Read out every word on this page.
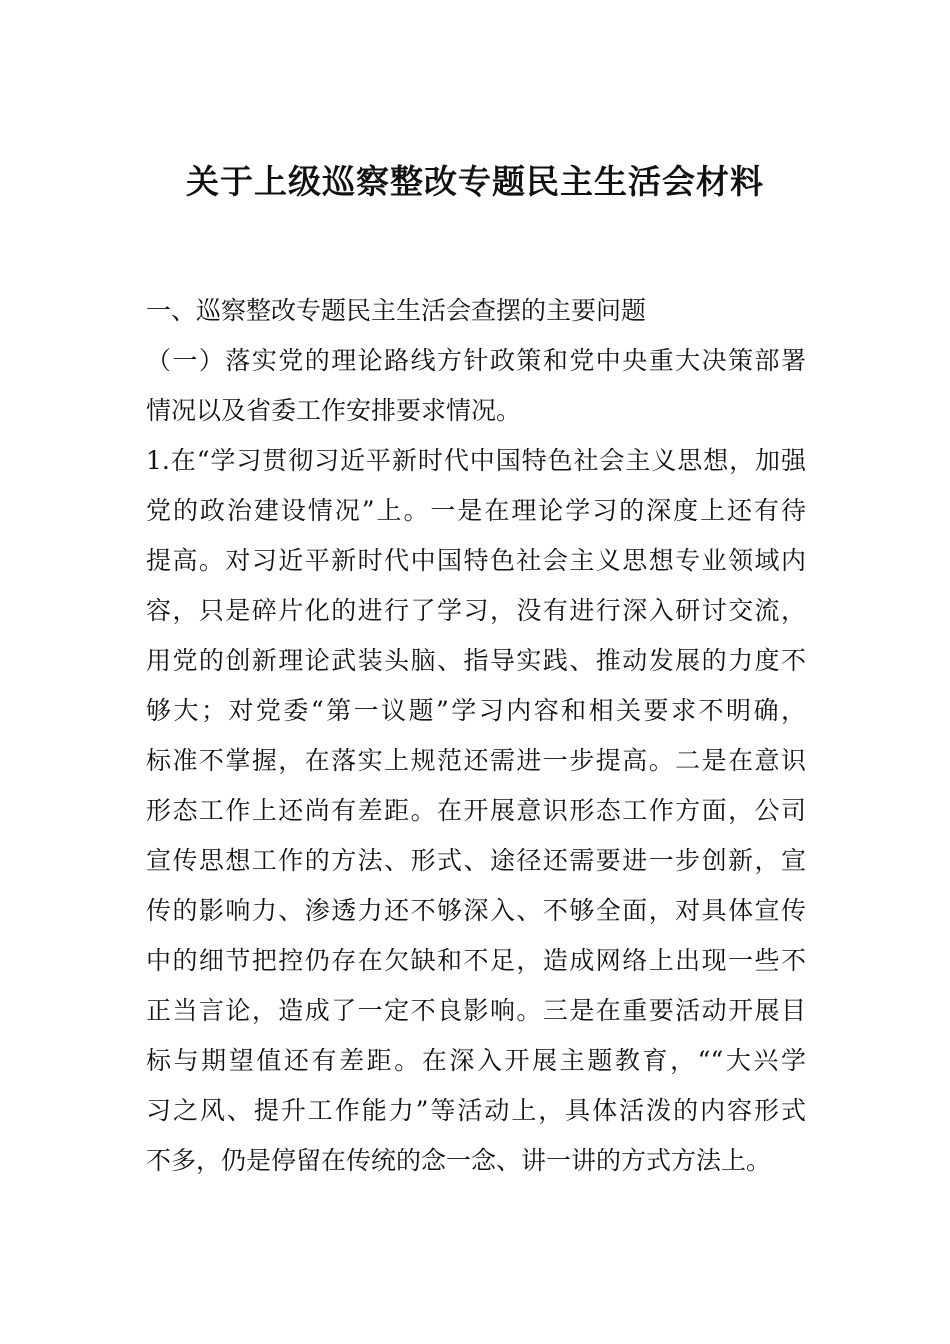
关于上级巡察整改专题民主生活会材料
一、巡察整改专题民主生活会查摆的主要问题
（一）落实党的理论路线方针政策和党中央重大决策部署
情况以及省委工作安排要求情况。
1.在“学习贯彻习近平新时代中国特色社会主义思想，加强
党的政治建设情况”上。一是在理论学习的深度上还有待
提高。对习近平新时代中国特色社会主义思想专业领域内
容，只是碎片化的进行了学习，没有进行深入研讨交流，
用党的创新理论武装头脑、指导实践、推动发展的力度不
够大；对党委“第一议题”学习内容和相关要求不明确，
标准不掌握，在落实上规范还需进一步提高。二是在意识
形态工作上还尚有差距。在开展意识形态工作方面，公司
宣传思想工作的方法、形式、途径还需要进一步创新，宣
传的影响力、渗透力还不够深入、不够全面，对具体宣传
中的细节把控仍存在欠缺和不足，造成网络上出现一些不
正当言论，造成了一定不良影响。三是在重要活动开展目
标与期望值还有差距。在深入开展主题教育，““大兴学
习之风、提升工作能力”等活动上，具体活泼的内容形式
不多，仍是停留在传统的念一念、讲一讲的方式方法上。
